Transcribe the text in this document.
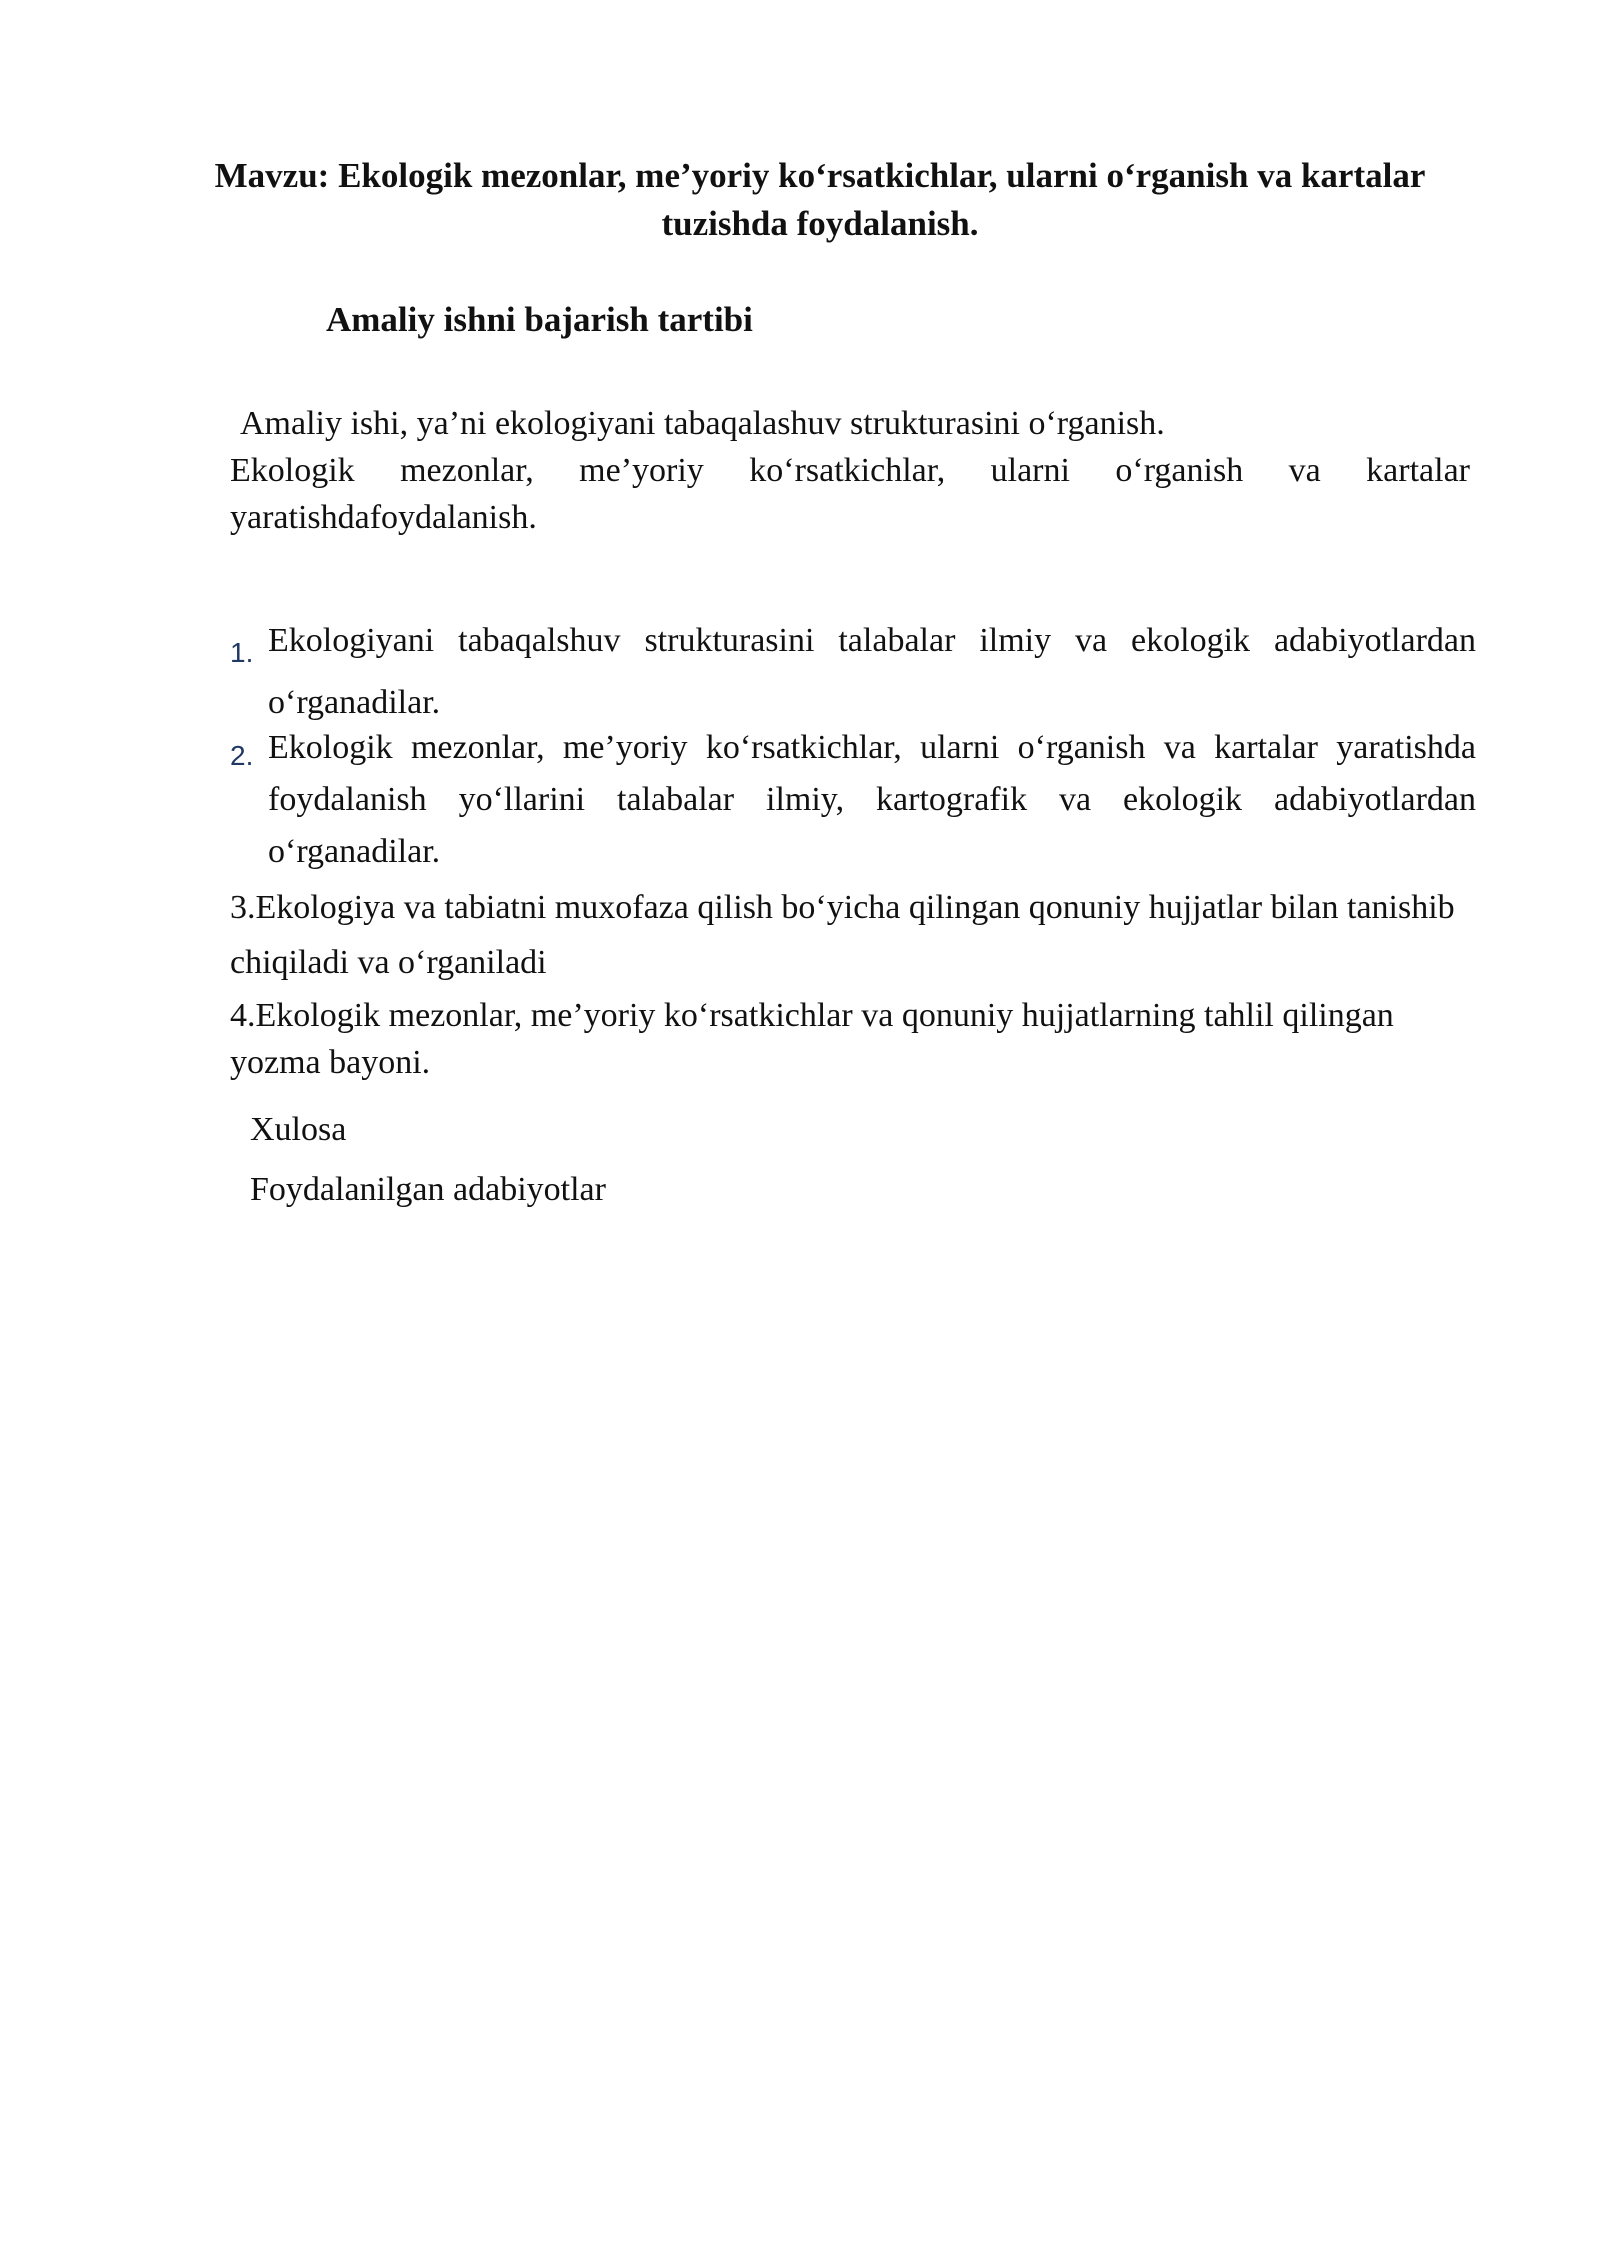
Mavzu: Ekologik mezonlar, me’yoriy ko‘rsatkichlar, ularni o‘rganish va kartalar tuzishda foydalanish.
Amaliy ishni bajarish tartibi

Amaliy ishi, ya’ni ekologiyani tabaqalashuv strukturasini o‘rganish.
Ekologik mezonlar, me’yoriy ko‘rsatkichlar, ularni o‘rganish va kartalar
yaratishdafoydalanish.

1. Ekologiyani tabaqalshuv strukturasini talabalar ilmiy va ekologik adabiyotlardan o‘rganadilar.
2. Ekologik mezonlar, me’yoriy ko‘rsatkichlar, ularni o‘rganish va kartalar yaratishda foydalanish yo‘llarini talabalar ilmiy, kartografik va ekologik adabiyotlardan o‘rganadilar.

3.Ekologiya va tabiatni muxofaza qilish bo‘yicha qilingan qonuniy hujjatlar bilan tanishib chiqiladi va o‘rganiladi

4.Ekologik mezonlar, me’yoriy ko‘rsatkichlar va qonuniy hujjatlarning tahlil qilingan yozma bayoni.

Xulosa

Foydalanilgan adabiyotlar
